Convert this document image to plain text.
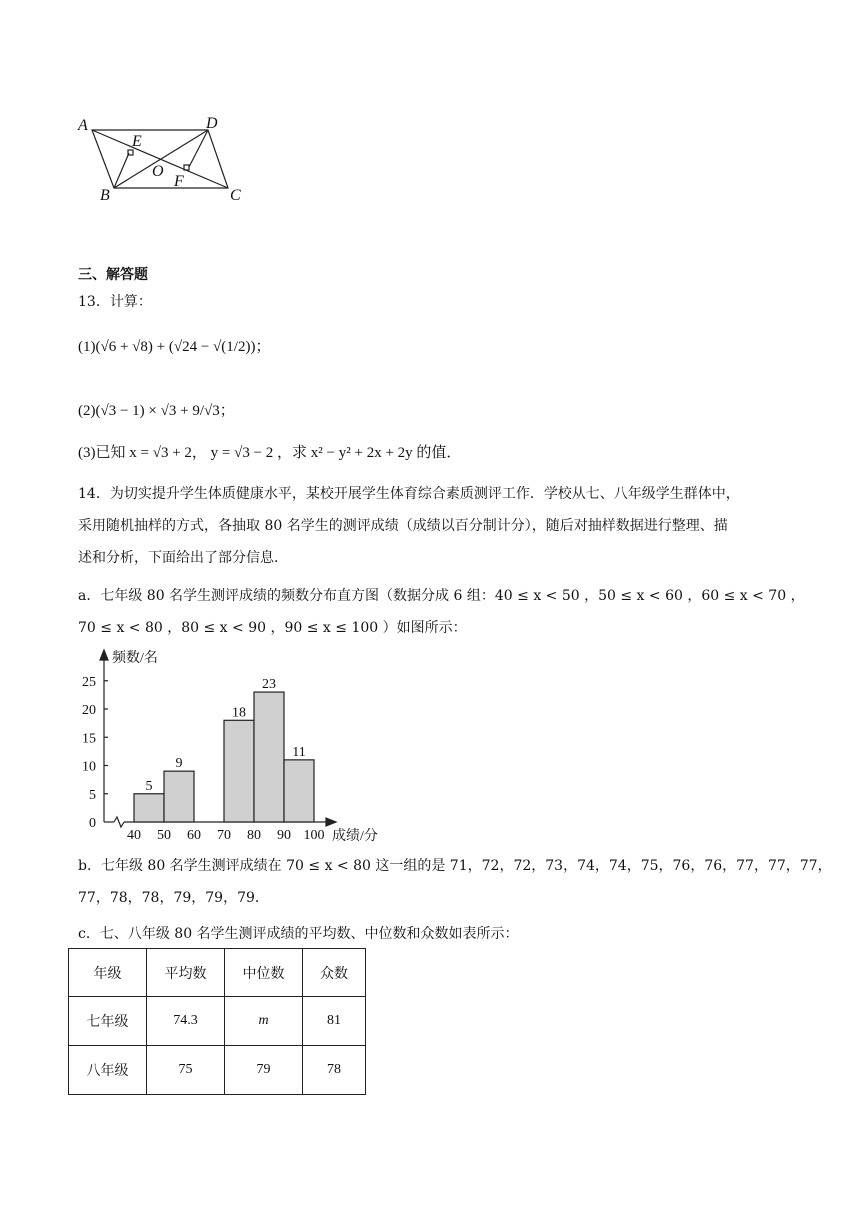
A	D
E
O
F
B	C
三、解答题
13．计算：
(1)(√6 + √8) + (√24 − √(1/2))；
(2)(√3 − 1) × √3 + 9/√3；
(3)已知 x = √3 + 2， y = √3 − 2 ，求 x² − y² + 2x + 2y 的值．
14．为切实提升学生体质健康水平，某校开展学生体育综合素质测评工作．学校从七、八年级学生群体中，
采用随机抽样的方式，各抽取 80 名学生的测评成绩（成绩以百分制计分），随后对抽样数据进行整理、描
述和分析，下面给出了部分信息．
a．七年级 80 名学生测评成绩的频数分布直方图（数据分成 6 组：40 ≤ x < 50 ，50 ≤ x < 60 ，60 ≤ x < 70 ，
70 ≤ x < 80 ，80 ≤ x < 90 ，90 ≤ x ≤ 100 ）如图所示：
0
5
10
15
20
25
40 50 60 70 80 90 100
5
9
18
23
11
频数/名
成绩/分
b．七年级 80 名学生测评成绩在 70 ≤ x < 80 这一组的是 71，72，72，73，74，74，75，76，76，77，77，77，
77，78，78，79，79，79．
c．七、八年级 80 名学生测评成绩的平均数、中位数和众数如表所示：
年级	平均数	中位数	众数
七年级	74.3	m	81
八年级	75	79	78
